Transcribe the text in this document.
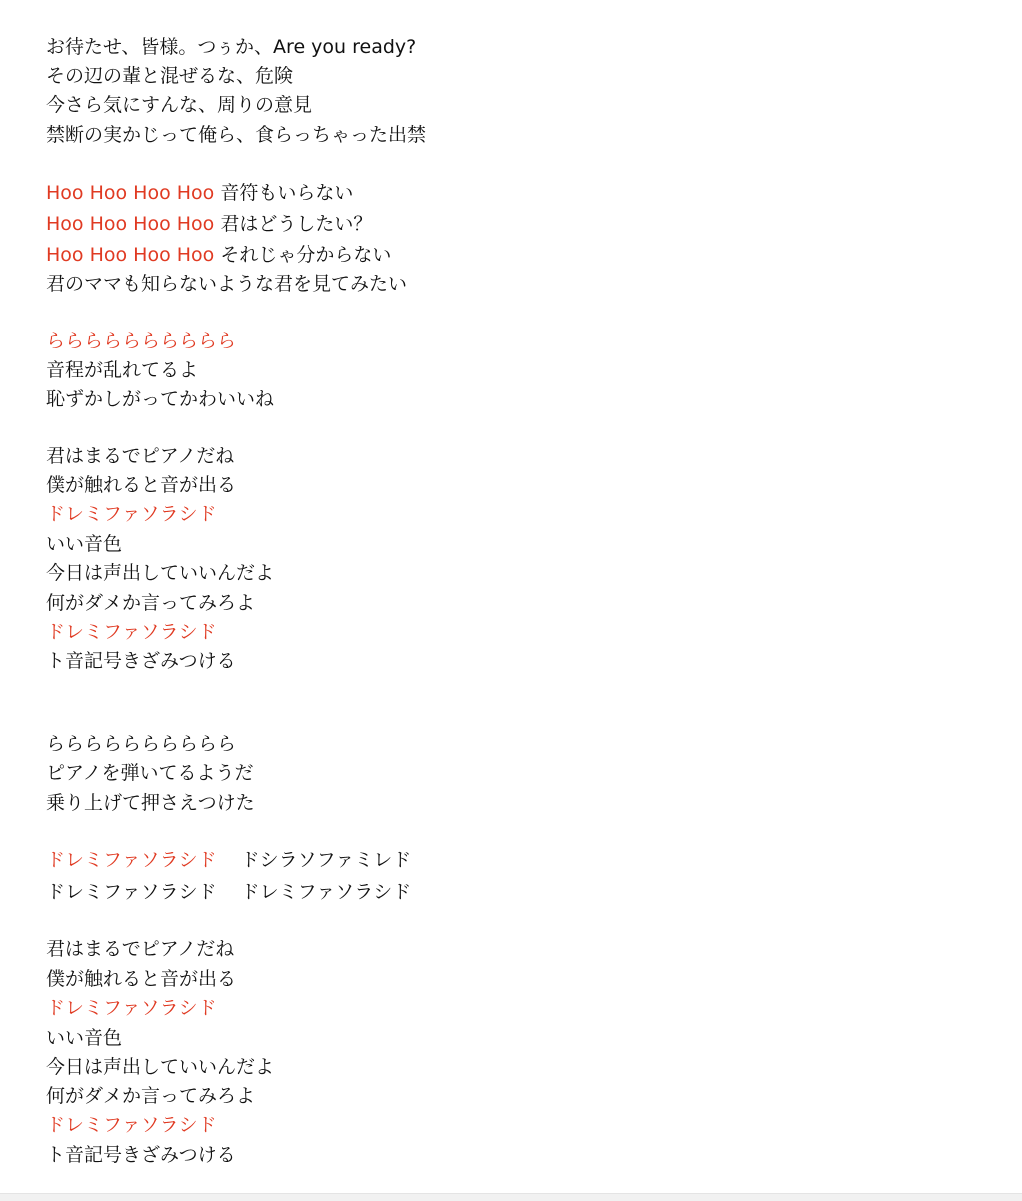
お待たせ、皆様。つぅか、Are you ready?
その辺の輩と混ぜるな、危険
今さら気にすんな、周りの意見
禁断の実かじって俺ら、食らっちゃった出禁
Hoo Hoo Hoo Hoo 音符もいらない
Hoo Hoo Hoo Hoo 君はどうしたい？
Hoo Hoo Hoo Hoo それじゃ分からない
君のママも知らないような君を見てみたい
らららららららららら
音程が乱れてるよ
恥ずかしがってかわいいね
君はまるでピアノだね
僕が触れると音が出る
ドレミファソラシド
いい音色
今日は声出していいんだよ
何がダメか言ってみろよ
ドレミファソラシド
ト音記号きざみつける
らららららららららら
ピアノを弾いてるようだ
乗り上げて押さえつけた
ドレミファソラシド ドシラソファミレド
ドレミファソラシド ドレミファソラシド
君はまるでピアノだね
僕が触れると音が出る
ドレミファソラシド
いい音色
今日は声出していいんだよ
何がダメか言ってみろよ
ドレミファソラシド
ト音記号きざみつける
